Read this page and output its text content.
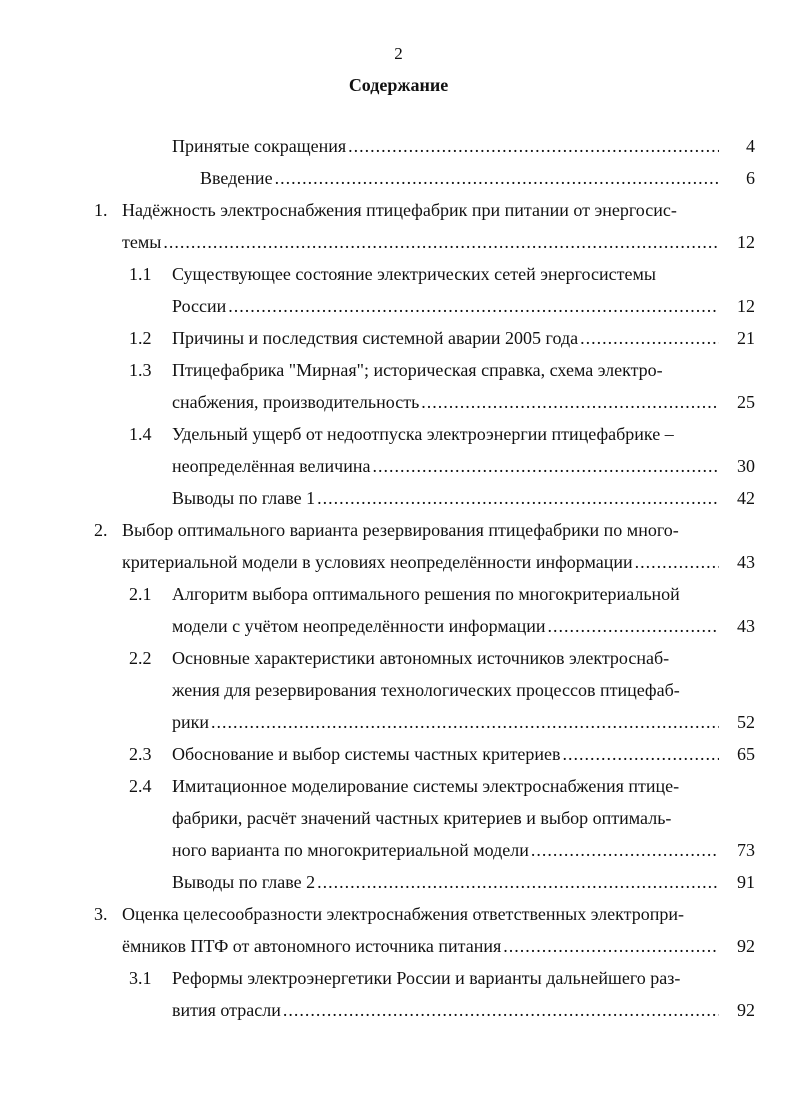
2
Содержание
Принятые сокращения .....	4
Введение .....	6
1. Надёжность электроснабжения птицефабрик при питании от энергосис-
темы .....	12
1.1 Существующее состояние электрических сетей энергосистемы
России .....	12
1.2 Причины и последствия системной аварии 2005 года .....	21
1.3 Птицефабрика "Мирная"; историческая справка, схема электро-
снабжения, производительность .....	25
1.4 Удельный ущерб от недоотпуска электроэнергии птицефабрике –
неопределённая величина .....	30
Выводы по главе 1 .....	42
2. Выбор оптимального варианта резервирования птицефабрики по много-
критериальной модели в условиях неопределённости информации .....	43
2.1 Алгоритм выбора оптимального решения по многокритериальной
модели с учётом неопределённости информации .....	43
2.2 Основные характеристики автономных источников электроснаб-
жения для резервирования технологических процессов птицефаб-
рики .....	52
2.3 Обоснование и выбор системы частных критериев .....	65
2.4 Имитационное моделирование системы электроснабжения птице-
фабрики, расчёт значений частных критериев и выбор оптималь-
ного варианта по многокритериальной модели .....	73
Выводы по главе 2 .....	91
3. Оценка целесообразности электроснабжения ответственных электропри-
ёмников ПТФ от автономного источника питания .....	92
3.1 Реформы электроэнергетики России и варианты дальнейшего раз-
вития отрасли .....	92
